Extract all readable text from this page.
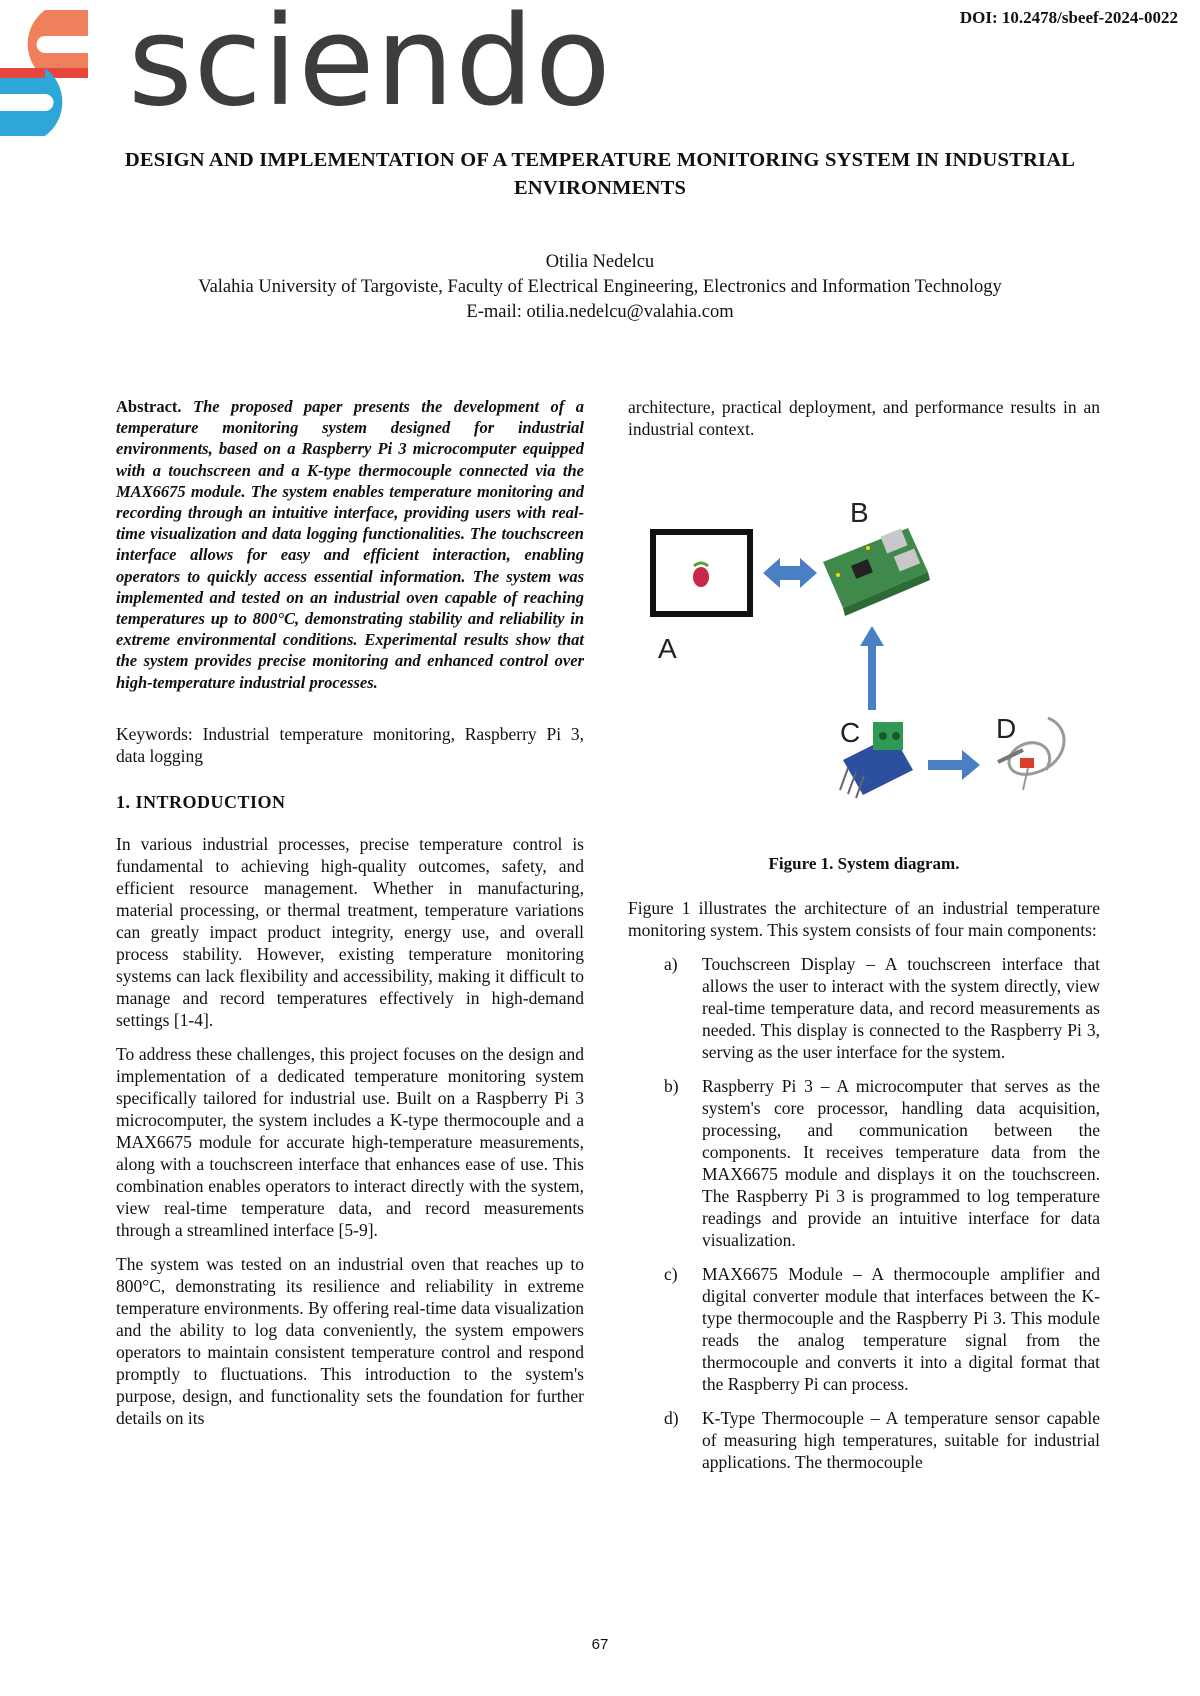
DOI: 10.2478/sbeef-2024-0022
sciendo
DESIGN AND IMPLEMENTATION OF A TEMPERATURE MONITORING SYSTEM IN INDUSTRIAL ENVIRONMENTS
Otilia Nedelcu
Valahia University of Targoviste, Faculty of Electrical Engineering, Electronics and Information Technology
E-mail: otilia.nedelcu@valahia.com

Abstract. The proposed paper presents the development of a temperature monitoring system designed for industrial environments, based on a Raspberry Pi 3 microcomputer equipped with a touchscreen and a K-type thermocouple connected via the MAX6675 module. The system enables temperature monitoring and recording through an intuitive interface, providing users with real-time visualization and data logging functionalities. The touchscreen interface allows for easy and efficient interaction, enabling operators to quickly access essential information. The system was implemented and tested on an industrial oven capable of reaching temperatures up to 800°C, demonstrating stability and reliability in extreme environmental conditions. Experimental results show that the system provides precise monitoring and enhanced control over high-temperature industrial processes.

Keywords: Industrial temperature monitoring, Raspberry Pi 3, data logging

1. INTRODUCTION

In various industrial processes, precise temperature control is fundamental to achieving high-quality outcomes, safety, and efficient resource management. Whether in manufacturing, material processing, or thermal treatment, temperature variations can greatly impact product integrity, energy use, and overall process stability. However, existing temperature monitoring systems can lack flexibility and accessibility, making it difficult to manage and record temperatures effectively in high-demand settings [1-4].

To address these challenges, this project focuses on the design and implementation of a dedicated temperature monitoring system specifically tailored for industrial use. Built on a Raspberry Pi 3 microcomputer, the system includes a K-type thermocouple and a MAX6675 module for accurate high-temperature measurements, along with a touchscreen interface that enhances ease of use. This combination enables operators to interact directly with the system, view real-time temperature data, and record measurements through a streamlined interface [5-9].

The system was tested on an industrial oven that reaches up to 800°C, demonstrating its resilience and reliability in extreme temperature environments. By offering real-time data visualization and the ability to log data conveniently, the system empowers operators to maintain consistent temperature control and respond promptly to fluctuations. This introduction to the system's purpose, design, and functionality sets the foundation for further details on its

architecture, practical deployment, and performance results in an industrial context.

A
B
C	D
Figure 1. System diagram.

Figure 1 illustrates the architecture of an industrial temperature monitoring system. This system consists of four main components:

a) Touchscreen Display – A touchscreen interface that allows the user to interact with the system directly, view real-time temperature data, and record measurements as needed. This display is connected to the Raspberry Pi 3, serving as the user interface for the system.
b) Raspberry Pi 3 – A microcomputer that serves as the system's core processor, handling data acquisition, processing, and communication between the components. It receives temperature data from the MAX6675 module and displays it on the touchscreen. The Raspberry Pi 3 is programmed to log temperature readings and provide an intuitive interface for data visualization.
c) MAX6675 Module – A thermocouple amplifier and digital converter module that interfaces between the K-type thermocouple and the Raspberry Pi 3. This module reads the analog temperature signal from the thermocouple and converts it into a digital format that the Raspberry Pi can process.
d) K-Type Thermocouple – A temperature sensor capable of measuring high temperatures, suitable for industrial applications. The thermocouple
67
